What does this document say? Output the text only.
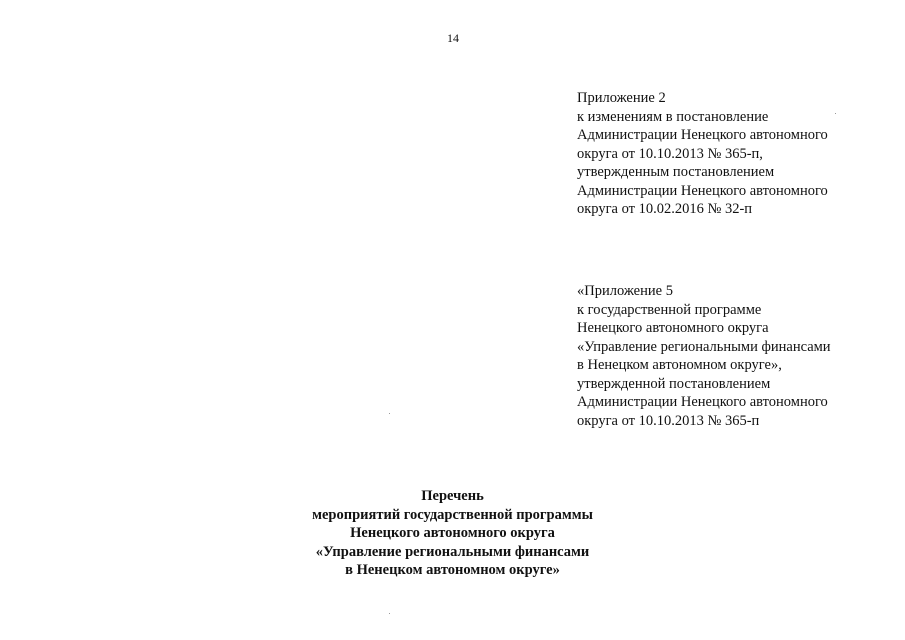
14
Приложение 2
к изменениям в постановление
Администрации Ненецкого автономного
округа от 10.10.2013 № 365-п,
утвержденным постановлением
Администрации Ненецкого автономного
округа от 10.02.2016 № 32-п
«Приложение 5
к государственной программе
Ненецкого автономного округа
«Управление региональными финансами
в Ненецком автономном округе»,
утвержденной постановлением
Администрации Ненецкого автономного
округа от 10.10.2013 № 365-п
Перечень
мероприятий государственной программы
Ненецкого автономного округа
«Управление региональными финансами
в Ненецком автономном округе»
